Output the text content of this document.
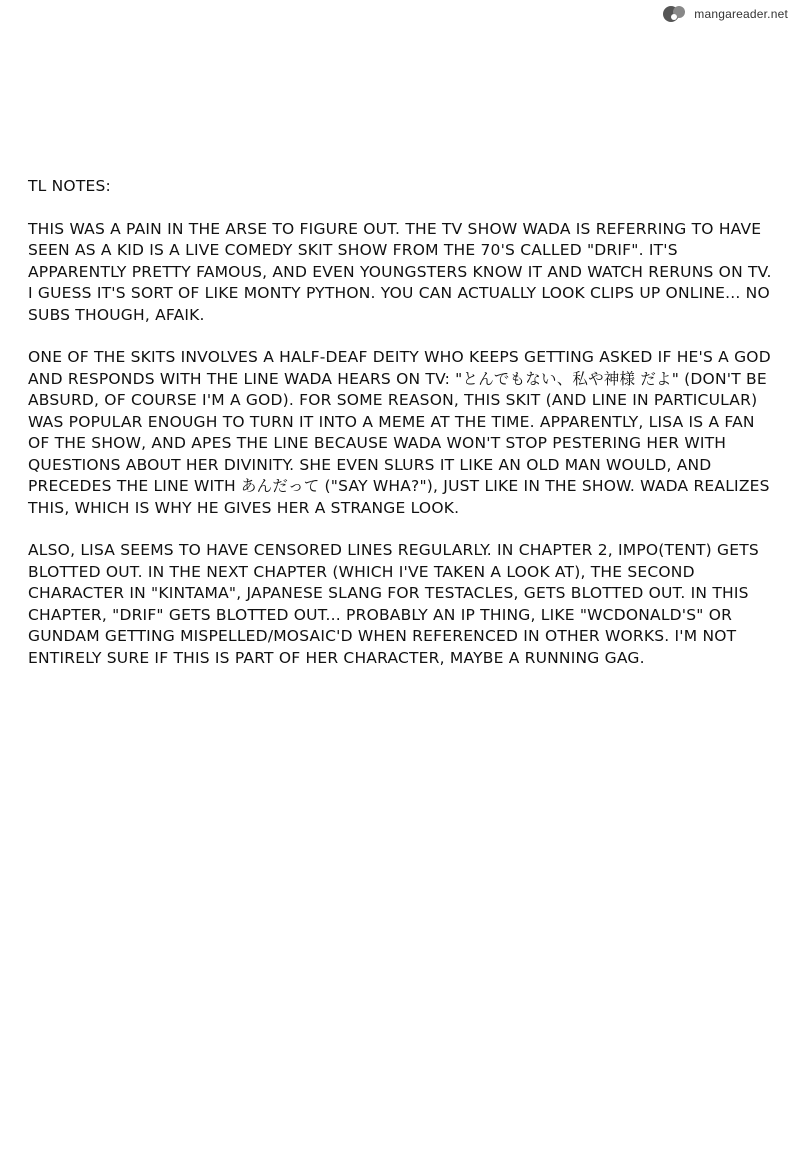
mangareader.net
TL NOTES:

THIS WAS A PAIN IN THE ARSE TO FIGURE OUT. THE TV SHOW WADA IS REFERRING TO HAVE SEEN AS A KID IS A LIVE COMEDY SKIT SHOW FROM THE 70'S CALLED "DRIF". IT'S APPARENTLY PRETTY FAMOUS, AND EVEN YOUNGSTERS KNOW IT AND WATCH RERUNS ON TV. I GUESS IT'S SORT OF LIKE MONTY PYTHON. YOU CAN ACTUALLY LOOK CLIPS UP ONLINE... NO SUBS THOUGH, AFAIK.

ONE OF THE SKITS INVOLVES A HALF-DEAF DEITY WHO KEEPS GETTING ASKED IF HE'S A GOD AND RESPONDS WITH THE LINE WADA HEARS ON TV: "とんでもない、私や神様 だよ" (DON'T BE ABSURD, OF COURSE I'M A GOD). FOR SOME REASON, THIS SKIT (AND LINE IN PARTICULAR) WAS POPULAR ENOUGH TO TURN IT INTO A MEME AT THE TIME. APPARENTLY, LISA IS A FAN OF THE SHOW, AND APES THE LINE BECAUSE WADA WON'T STOP PESTERING HER WITH QUESTIONS ABOUT HER DIVINITY. SHE EVEN SLURS IT LIKE AN OLD MAN WOULD, AND PRECEDES THE LINE WITH あんだって ("SAY WHA?"), JUST LIKE IN THE SHOW. WADA REALIZES THIS, WHICH IS WHY HE GIVES HER A STRANGE LOOK.

ALSO, LISA SEEMS TO HAVE CENSORED LINES REGULARLY. IN CHAPTER 2, IMPO(TENT) GETS BLOTTED OUT. IN THE NEXT CHAPTER (WHICH I'VE TAKEN A LOOK AT), THE SECOND CHARACTER IN "KINTAMA", JAPANESE SLANG FOR TESTACLES, GETS BLOTTED OUT. IN THIS CHAPTER, "DRIF" GETS BLOTTED OUT... PROBABLY AN IP THING, LIKE "WCDONALD'S" OR GUNDAM GETTING MISPELLED/MOSAIC'D WHEN REFERENCED IN OTHER WORKS. I'M NOT ENTIRELY SURE IF THIS IS PART OF HER CHARACTER, MAYBE A RUNNING GAG.
